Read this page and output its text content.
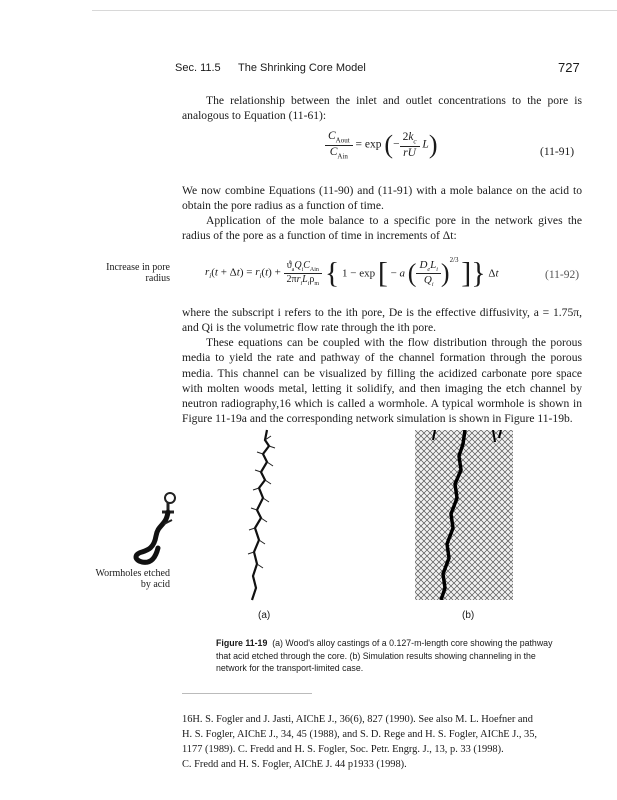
Sec. 11.5 The Shrinking Core Model	727
The relationship between the inlet and outlet concentrations to the pore is analogous to Equation (11-61):
$\frac{C_{Aout}}{C_{Ain}} = \exp$ (− $\frac{2k_c}{rU} L$)	(11-91)
We now combine Equations (11-90) and (11-91) with a mole balance on the acid to obtain the pore radius as a function of time.
Application of the mole balance to a specific pore in the network gives the radius of the pore as a function of time in increments of Δt:
Increase in pore
radius
$r_i(t + \Delta t) = r_i(t) + \frac{ϑ_aQ_iC_{Ain}}{2\pi r_iL_i\rho_m}$ { 1 − exp [ − a ( $\frac{D_eL_i}{Q_i} )^{2/3}$ ]} Δt	(11-92)
where the subscript i refers to the ith pore, De is the effective diffusivity, a = 1.75π, and Qi is the volumetric flow rate through the ith pore.
These equations can be coupled with the flow distribution through the porous media to yield the rate and pathway of the channel formation through the porous media. This channel can be visualized by filling the acidized carbonate pore space with molten woods metal, letting it solidify, and then imaging the etch channel by neutron radiography,16 which is called a wormhole. A typical wormhole is shown in Figure 11-19a and the corresponding network simulation is shown in Figure 11-19b.
Wormholes etched
by acid
(a)	(b)
Figure 11-19 (a) Wood's alloy castings of a 0.127-m-length core showing the pathway that acid etched through the core. (b) Simulation results showing channeling in the network for the transport-limited case.
16H. S. Fogler and J. Jasti, AIChE J., 36(6), 827 (1990). See also M. L. Hoefner and
H. S. Fogler, AIChE J., 34, 45 (1988), and S. D. Rege and H. S. Fogler, AIChE J., 35,
1177 (1989). C. Fredd and H. S. Fogler, Soc. Petr. Engrg. J., 13, p. 33 (1998).
C. Fredd and H. S. Fogler, AIChE J. 44 p1933 (1998).
